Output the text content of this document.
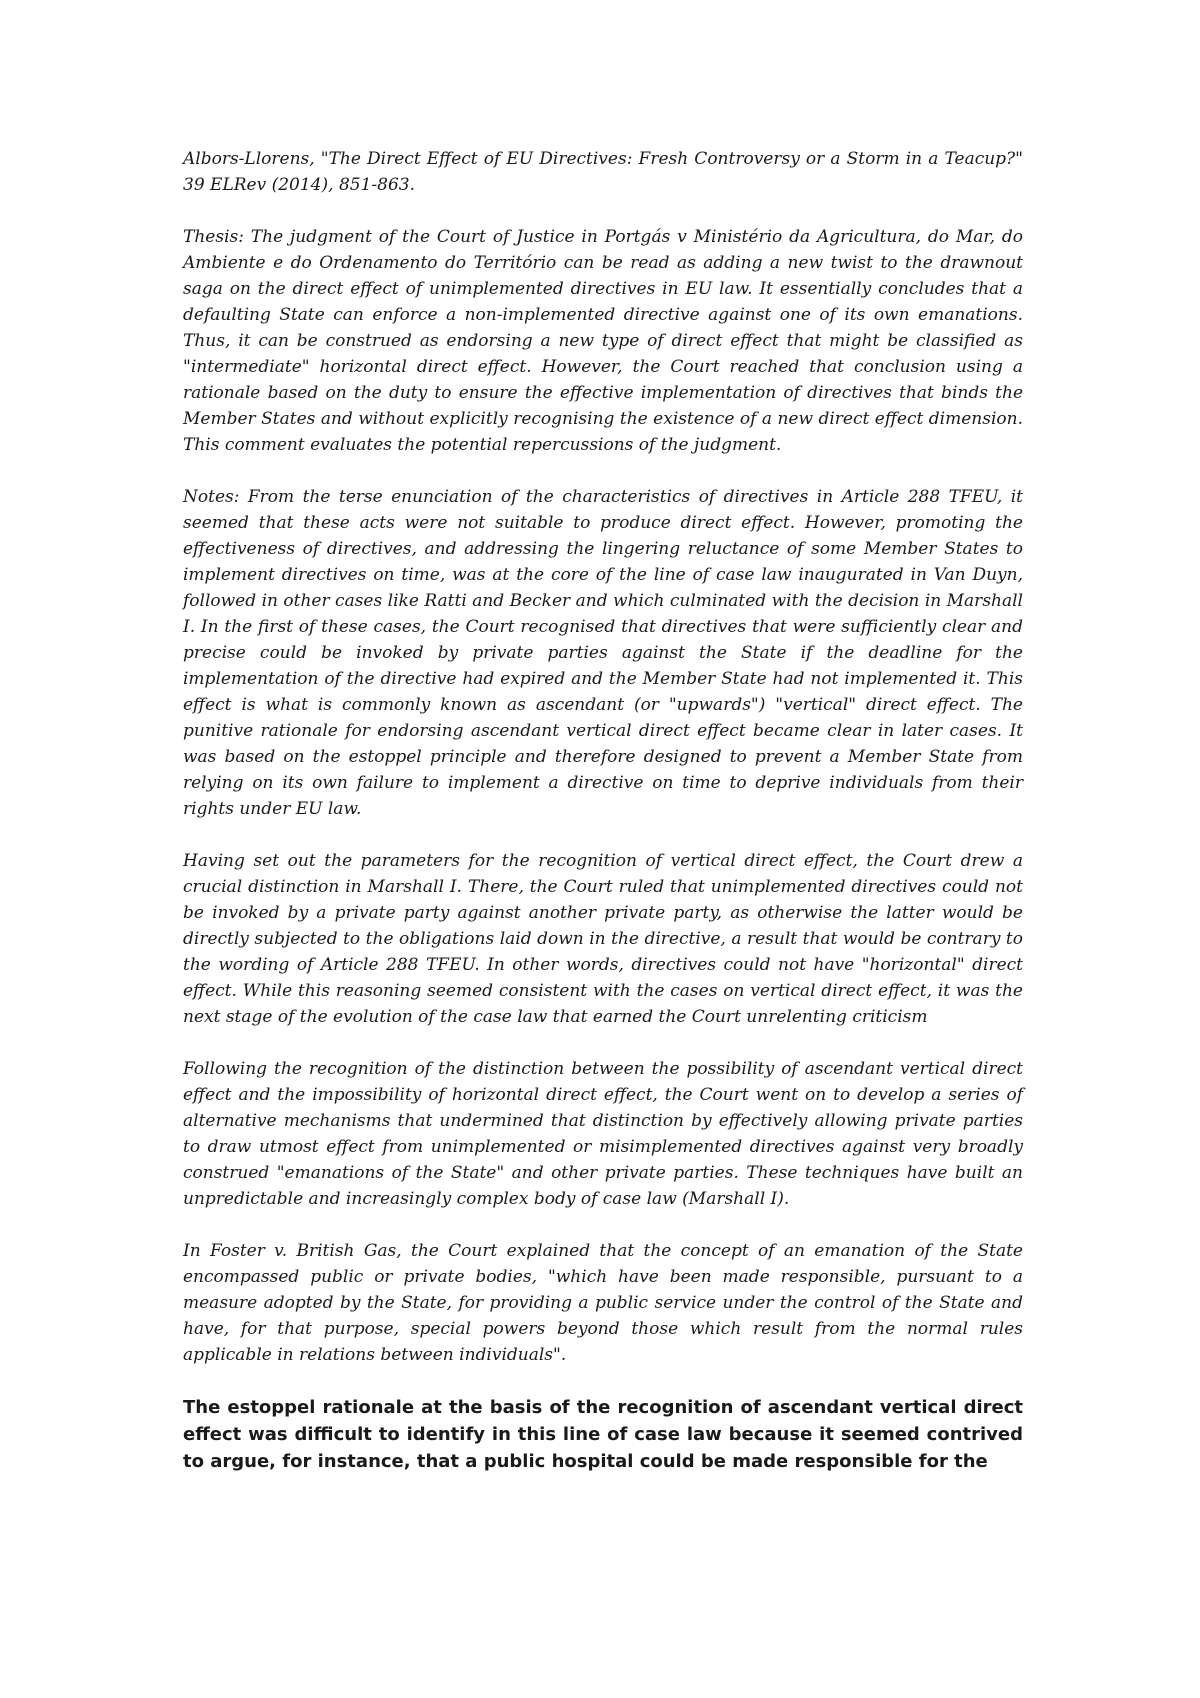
Albors-Llorens, "The Direct Effect of EU Directives: Fresh Controversy or a Storm in a Teacup?" 39 ELRev (2014), 851-863.

Thesis: The judgment of the Court of Justice in Portgás v Ministério da Agricultura, do Mar, do Ambiente e do Ordenamento do Território can be read as adding a new twist to the drawnout saga on the direct effect of unimplemented directives in EU law. It essentially concludes that a defaulting State can enforce a non-implemented directive against one of its own emanations. Thus, it can be construed as endorsing a new type of direct effect that might be classified as "intermediate" horizontal direct effect. However, the Court reached that conclusion using a rationale based on the duty to ensure the effective implementation of directives that binds the Member States and without explicitly recognising the existence of a new direct effect dimension. This comment evaluates the potential repercussions of the judgment.

Notes: From the terse enunciation of the characteristics of directives in Article 288 TFEU, it seemed that these acts were not suitable to produce direct effect. However, promoting the effectiveness of directives, and addressing the lingering reluctance of some Member States to implement directives on time, was at the core of the line of case law inaugurated in Van Duyn, followed in other cases like Ratti and Becker and which culminated with the decision in Marshall I. In the first of these cases, the Court recognised that directives that were sufficiently clear and precise could be invoked by private parties against the State if the deadline for the implementation of the directive had expired and the Member State had not implemented it. This effect is what is commonly known as ascendant (or "upwards") "vertical" direct effect. The punitive rationale for endorsing ascendant vertical direct effect became clear in later cases. It was based on the estoppel principle and therefore designed to prevent a Member State from relying on its own failure to implement a directive on time to deprive individuals from their rights under EU law.

Having set out the parameters for the recognition of vertical direct effect, the Court drew a crucial distinction in Marshall I. There, the Court ruled that unimplemented directives could not be invoked by a private party against another private party, as otherwise the latter would be directly subjected to the obligations laid down in the directive, a result that would be contrary to the wording of Article 288 TFEU. In other words, directives could not have "horizontal" direct effect. While this reasoning seemed consistent with the cases on vertical direct effect, it was the next stage of the evolution of the case law that earned the Court unrelenting criticism

Following the recognition of the distinction between the possibility of ascendant vertical direct effect and the impossibility of horizontal direct effect, the Court went on to develop a series of alternative mechanisms that undermined that distinction by effectively allowing private parties to draw utmost effect from unimplemented or misimplemented directives against very broadly construed "emanations of the State" and other private parties. These techniques have built an unpredictable and increasingly complex body of case law (Marshall I).

In Foster v. British Gas, the Court explained that the concept of an emanation of the State encompassed public or private bodies, "which have been made responsible, pursuant to a measure adopted by the State, for providing a public service under the control of the State and have, for that purpose, special powers beyond those which result from the normal rules applicable in relations between individuals".

The estoppel rationale at the basis of the recognition of ascendant vertical direct effect was difficult to identify in this line of case law because it seemed contrived to argue, for instance, that a public hospital could be made responsible for the
